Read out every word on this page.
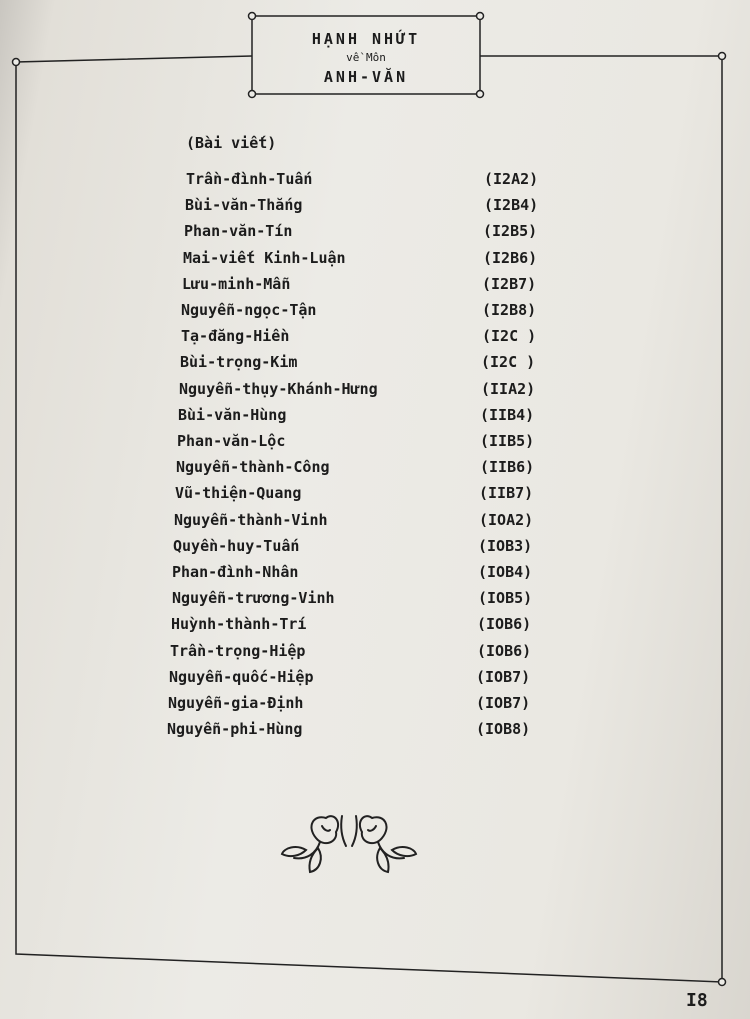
HẠNH NHỨT
về Môn
ANH-VĂN
(Bài viết)
Trần-đình-Tuấn	(I2A2)
Bùi-văn-Thắng	(I2B4)
Phan-văn-Tín	(I2B5)
Mai-viết Kinh-Luận	(I2B6)
Lưu-minh-Mẫn	(I2B7)
Nguyễn-ngọc-Tận	(I2B8)
Tạ-đăng-Hiền	(I2C )
Bùi-trọng-Kim	(I2C )
Nguyễn-thụy-Khánh-Hưng	(IIA2)
Bùi-văn-Hùng	(IIB4)
Phan-văn-Lộc	(IIB5)
Nguyễn-thành-Công	(IIB6)
Vũ-thiện-Quang	(IIB7)
Nguyễn-thành-Vinh	(IOA2)
Quyền-huy-Tuấn	(IOB3)
Phan-đình-Nhân	(IOB4)
Nguyễn-trương-Vinh	(IOB5)
Huỳnh-thành-Trí	(IOB6)
Trần-trọng-Hiệp	(IOB6)
Nguyễn-quốc-Hiệp	(IOB7)
Nguyễn-gia-Định	(IOB7)
Nguyễn-phi-Hùng	(IOB8)
I8
